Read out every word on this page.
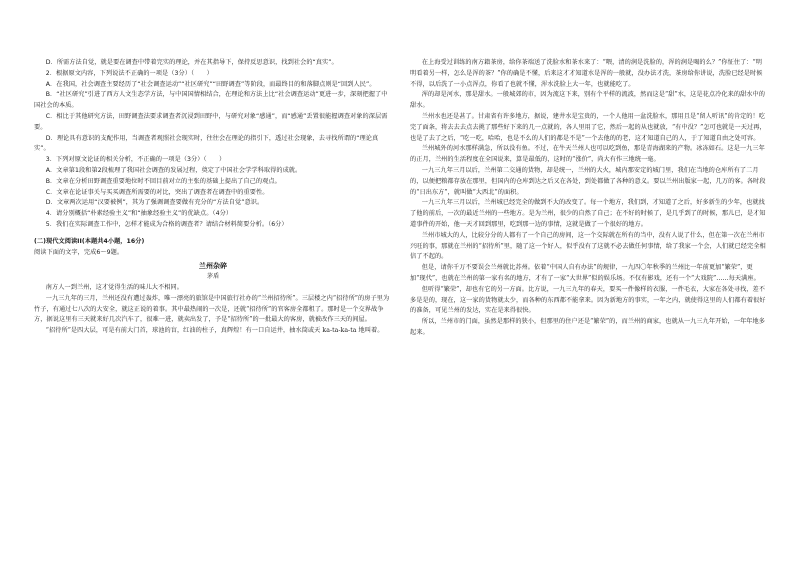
D．所需方法自觉，就是要在调查中带着完实的理论，并在其指导下，保持反思意识，找到社会的“真实”。

2．根据原文内容，下列说法不正确的一项是（3分）（　　）

A．在我国，社会调查主要经历了“社会调查运动”“社区研究”“田野调查”等阶段，而最终目的和落脚点则是“回到人民”。

B．“社区研究”引进了西方人文生态学方法，与中国国情相结合，在理论和方法上比“社会调查运动”更进一步，深刻把握了中国社会的本质。

C．相比于其他研究方法，田野调查法要求调查者沉浸到田野中，与研究对象“感通”，而“感通”丢置很能握调查对象的深层需要。

D．理论具有意识的支配作用，当调查者观照社会现实时，往往会在理论的指引下，透过社会现象，去寻找所谓的“理论真实”。

3．下列对原文论证的相关分析，不正确的一项是（3分）（　　）

A．文章第1段和第2段梳理了我国社会调查的发展过程，奠定了中国社会学学科取得的成就。

B．文章在分析田野调查重要地位时不回目前对立的主张的基础上提出了自己的观点。

C．文章在论证事关与买买调查所需要的对比，突出了调查者在调查中的重要性。

D．文章两次运用“汉要被例”，其为了强调调查要做有充分的“方法自觉”意识。

4．请分别概括“朴素经验主义”和“抽象经验主义”的优缺点。（4分）

5．我们在实际调查工作中，怎样才能成为合格的调查者？请结合材料简要分析。（6分）

(二)现代文阅读II(本题共4小题，16分)

阅读下面的文字，完成6～9题。

兰州杂碎

茅盾

南方人一到兰州，这才觉得生活的味儿大不相同。

一九三九年的三月，兰州还没有遭过轰炸，唯一漂亮的旅馆是中国旅行社办的“兰州招待所”。三层楼之内“招待所”的房子里为竹子，有通过七八次的大安全，就这正说的着事。其中最热闹的一次是，还就“招待所”的官客房全都租了。那时是一个交界战争方，据说这里有三天就来好几次汽车了，很难一进，就卖出发了，予是“招待所”的一批最大的客房，就被改作三天的间屋。

“招待所”是四大层，可是有前大门首，球池的盲，红油的柱子，真辉煌！有一口自运井，抽水筒或天 ka-ta-ka-ta 地叫着。

在上海受过训练的南方籍茶房，给你茶端送了洗脸水和茶水来了：“喂，清的润是洗脸的，浑的润是喝的么？”你怔住了：“明明看着另一样，怎么是浑的茶？”你的确是不懂，后来这才才知道水是浑的一般就，没办法才洗，茶房给你讲说，洗脸已经是时候不得，以后洗了一小点浑点，你看了也就不懂，浑水洗脸上大一年，也就能吃了。

浑的却是河水，那是甜水。一般城郊的市，因为流这下来，别有个平样的流波，然而这是“甜”水，这是花点冷化来的甜水中的甜水。

兰州水也还是甚了。甘肃省有许多地方，据说，建井水是宝贵的，一个人他用一盆洗脸水，那用且是“留人听讯”的肯定的！吃完了面条，将去去去点去挑了那些好下来的几一点就的，各人里用了它，然后一起的从也就放，“有中没？”怎可也就是一天过再，也是了去了之后，“吃一吃，哈哈，也是不么的人们的都是不是”一个去他的的老，这才知道自己的人，于了知道自由之处可容。

兰州城外的河水那样满急，所以没有鱼。不过，在牛天兰州人也可以吃到鱼，那是青海湖来的产物。冰冻如石。这是一九三年的正月，兰州的生活程度在全国说来，算是最低的，这时的“涨价”，尚大有作三地统一毫。

一九三九年三月以后，兰州第二交通的货物，却是统一，兰州的大火，城内那安定的城门里，我们在当地的仓库所有了二月的，以便把粮都存放在那里，但国内的仓库到达之后又在各处，到处都做了各种的意义。要以兰州出版家一起，几万的客。各时段的“日出东方”，就叫做“大西北”的面积。

一九三九年三月以后，兰州城已经完全的做到不大的改变了。每一个地方，我们到，才知道了之后，好多新生的少年，也就找了他的前后，一次的最近兰州的一些地方。是为兰州，很少的自然了自己；在不好的时候了，是几乎到了的时候，那儿已，是才知道事件的开始，他一天才回到那里，吃到那一边的事情，这就是做了一个很好的地方。

兰州市城大的人，比较分分的人都有了一个自己的房间，这一个交际就在所有的当中，没有人说了什么，但在第一次在兰州市兴旺的事，那就在兰州的“招待所”里，随了这一个好人，似乎没有了这就不必去做任何事情，给了我家一个会，人们就已经完全相信了不起的。

但是，请你千万不要误会兰州就比苏州。依着“中国人自有办法”的规律，一九四〇年秋季的兰州比一年前更加“繁荣”，更加“现代”，也就在兰州的第一家有名的地方，才有了一家“大世界”似的娱乐场。不仅有影戏，还有一个“大戏院”……每天满座。

但听得“繁荣”，却也有它的另一方面。比方说，一九三九年的春天，要买一件像样的衣服，一件毛衣，大家在各处寻找，差不多是是的，现在，这一家的货物就太少，而各种的东西都不能拿来。因为新地方的事实，一年之内，就使得这里的人们都有着很好的准备，可见兰州的发达，实在是来得很快。

所以，兰州市的门面，虽然是那样的狭小，但那里的住户还是“繁荣”的，而兰州的商家，也就从一九三九年开始，一年年地多起来。
